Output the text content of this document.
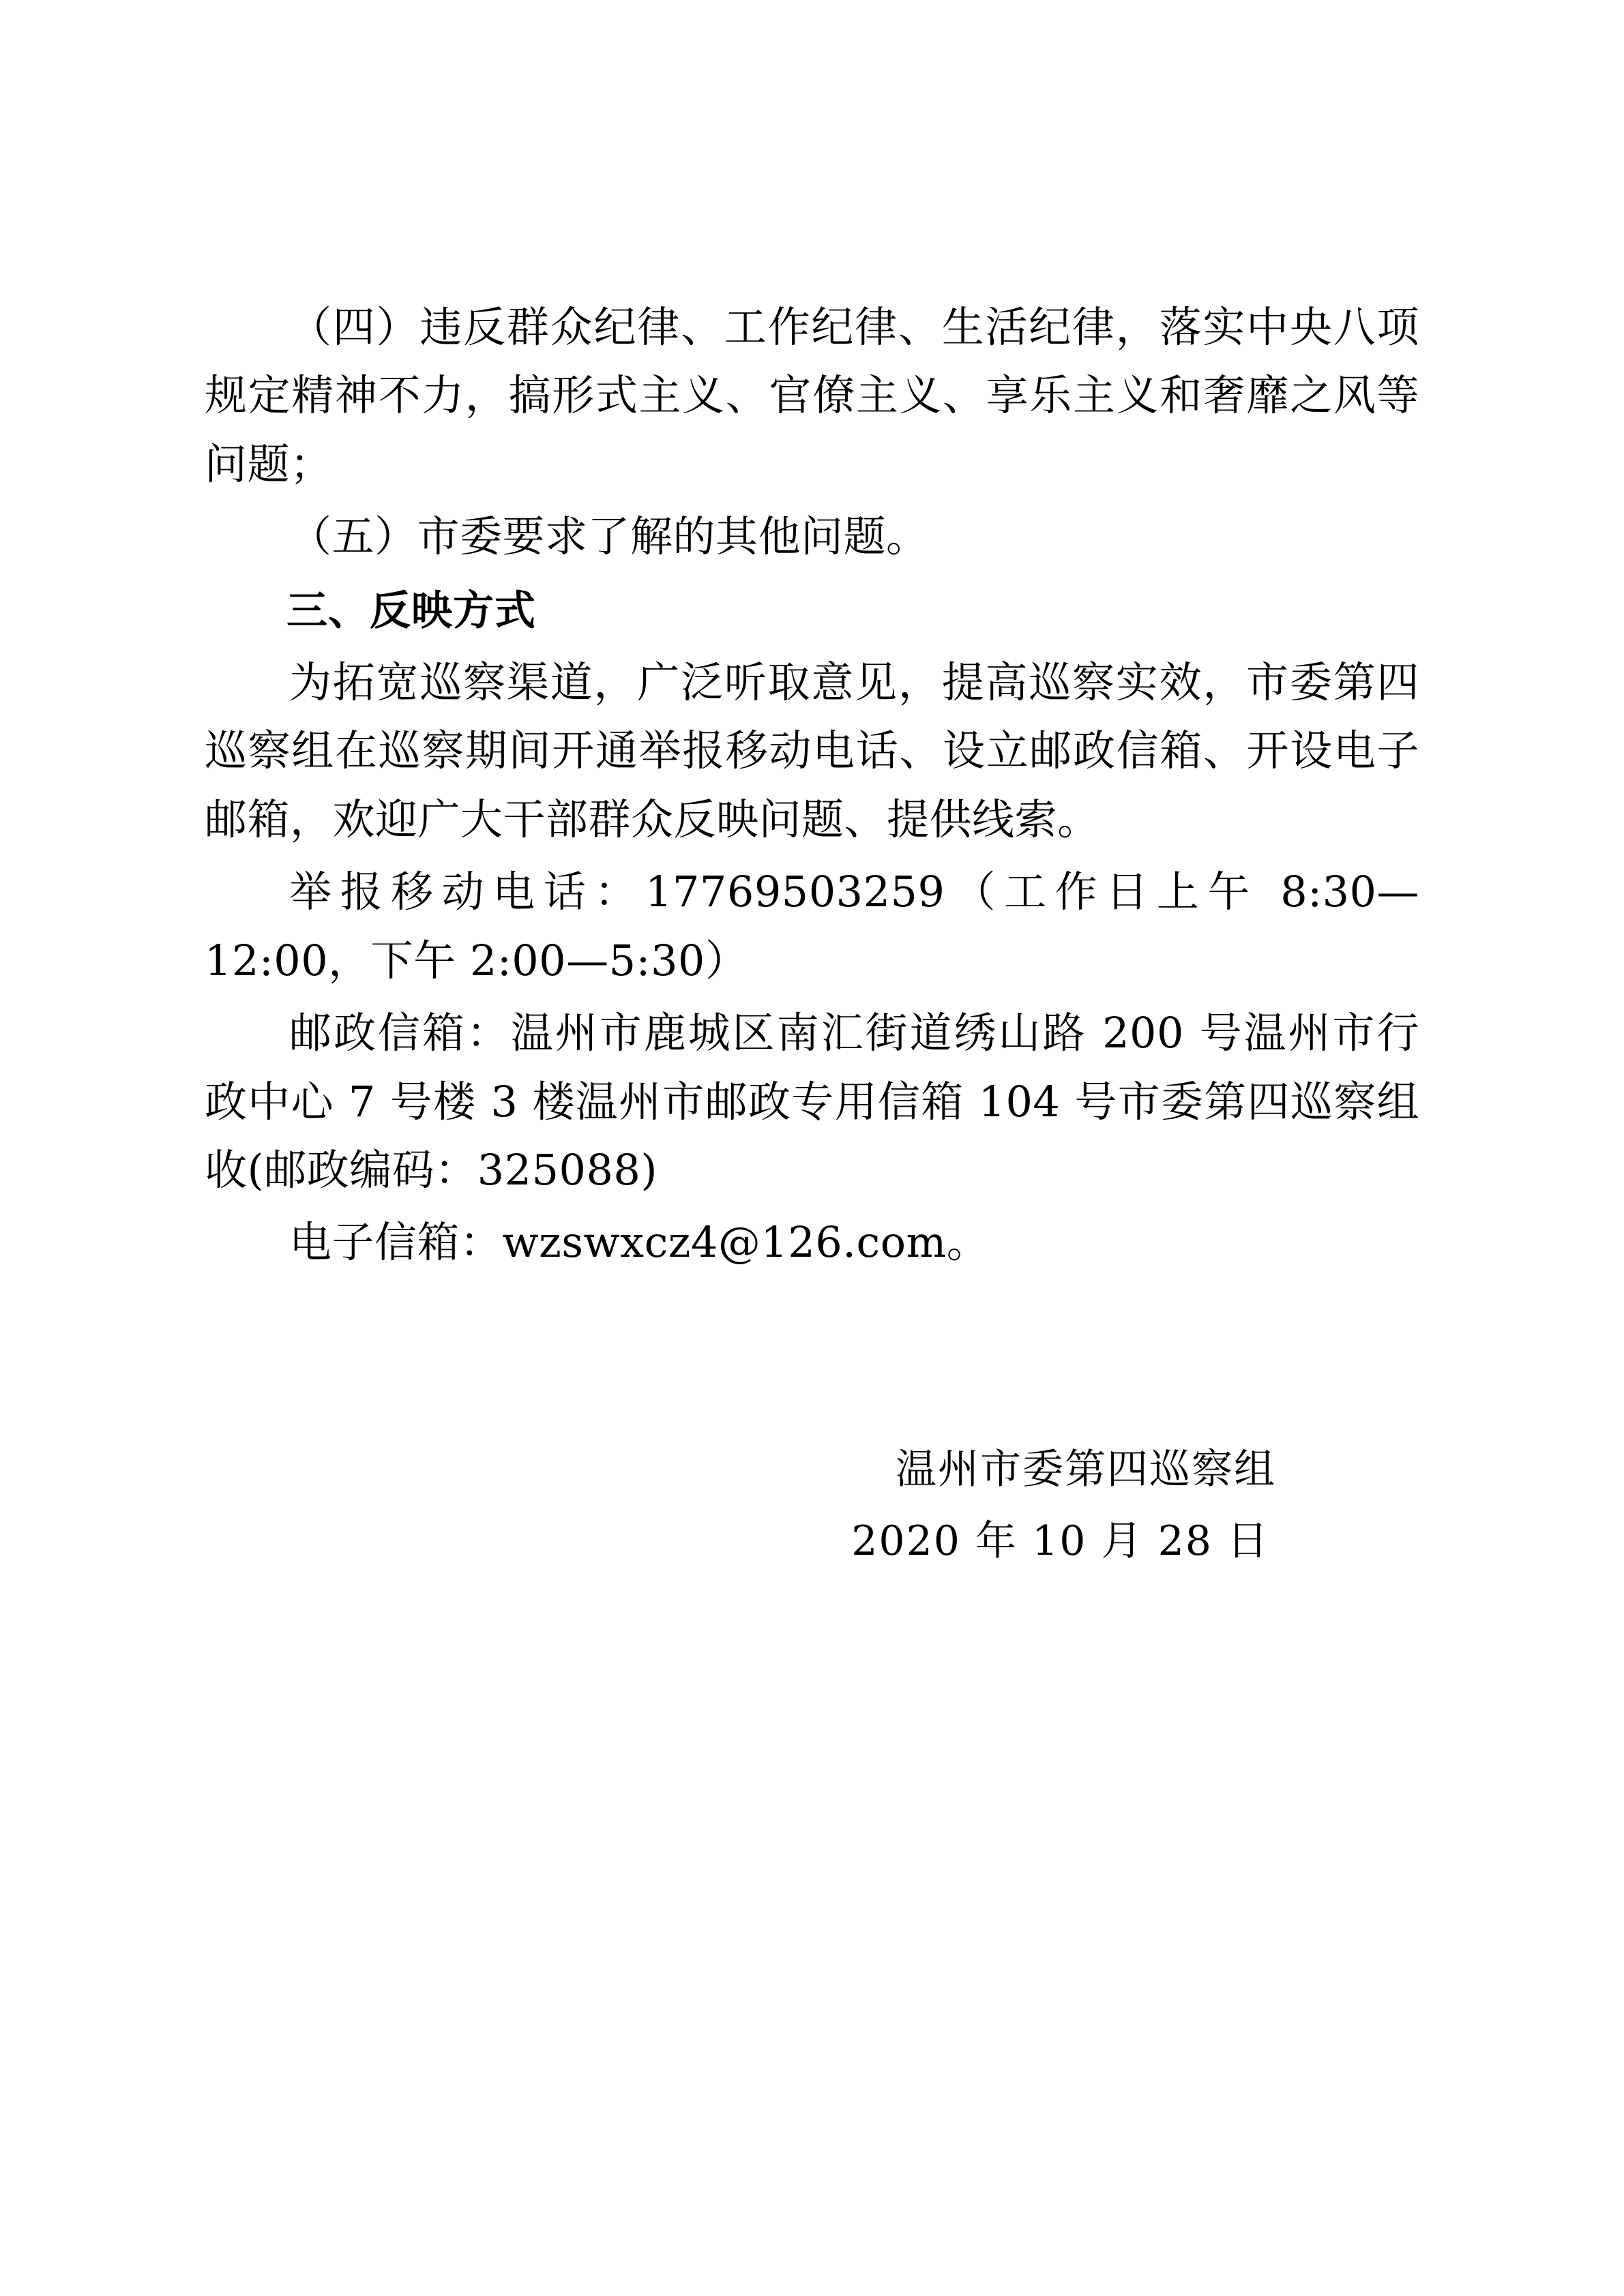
（四）违反群众纪律、工作纪律、生活纪律，落实中央八项规定精神不力，搞形式主义、官僚主义、享乐主义和奢靡之风等问题；

（五）市委要求了解的其他问题。

三、反映方式

为拓宽巡察渠道，广泛听取意见，提高巡察实效，市委第四巡察组在巡察期间开通举报移动电话、设立邮政信箱、开设电子邮箱，欢迎广大干部群众反映问题、提供线索。

举报移动电话：17769503259（工作日上午 8:30—12:00，下午 2:00—5:30）

邮政信箱：温州市鹿城区南汇街道绣山路 200 号温州市行政中心 7 号楼 3 楼温州市邮政专用信箱 104 号市委第四巡察组收(邮政编码：325088)

电子信箱：wzswxcz4@126.com。

温州市委第四巡察组
2020 年 10 月 28 日
